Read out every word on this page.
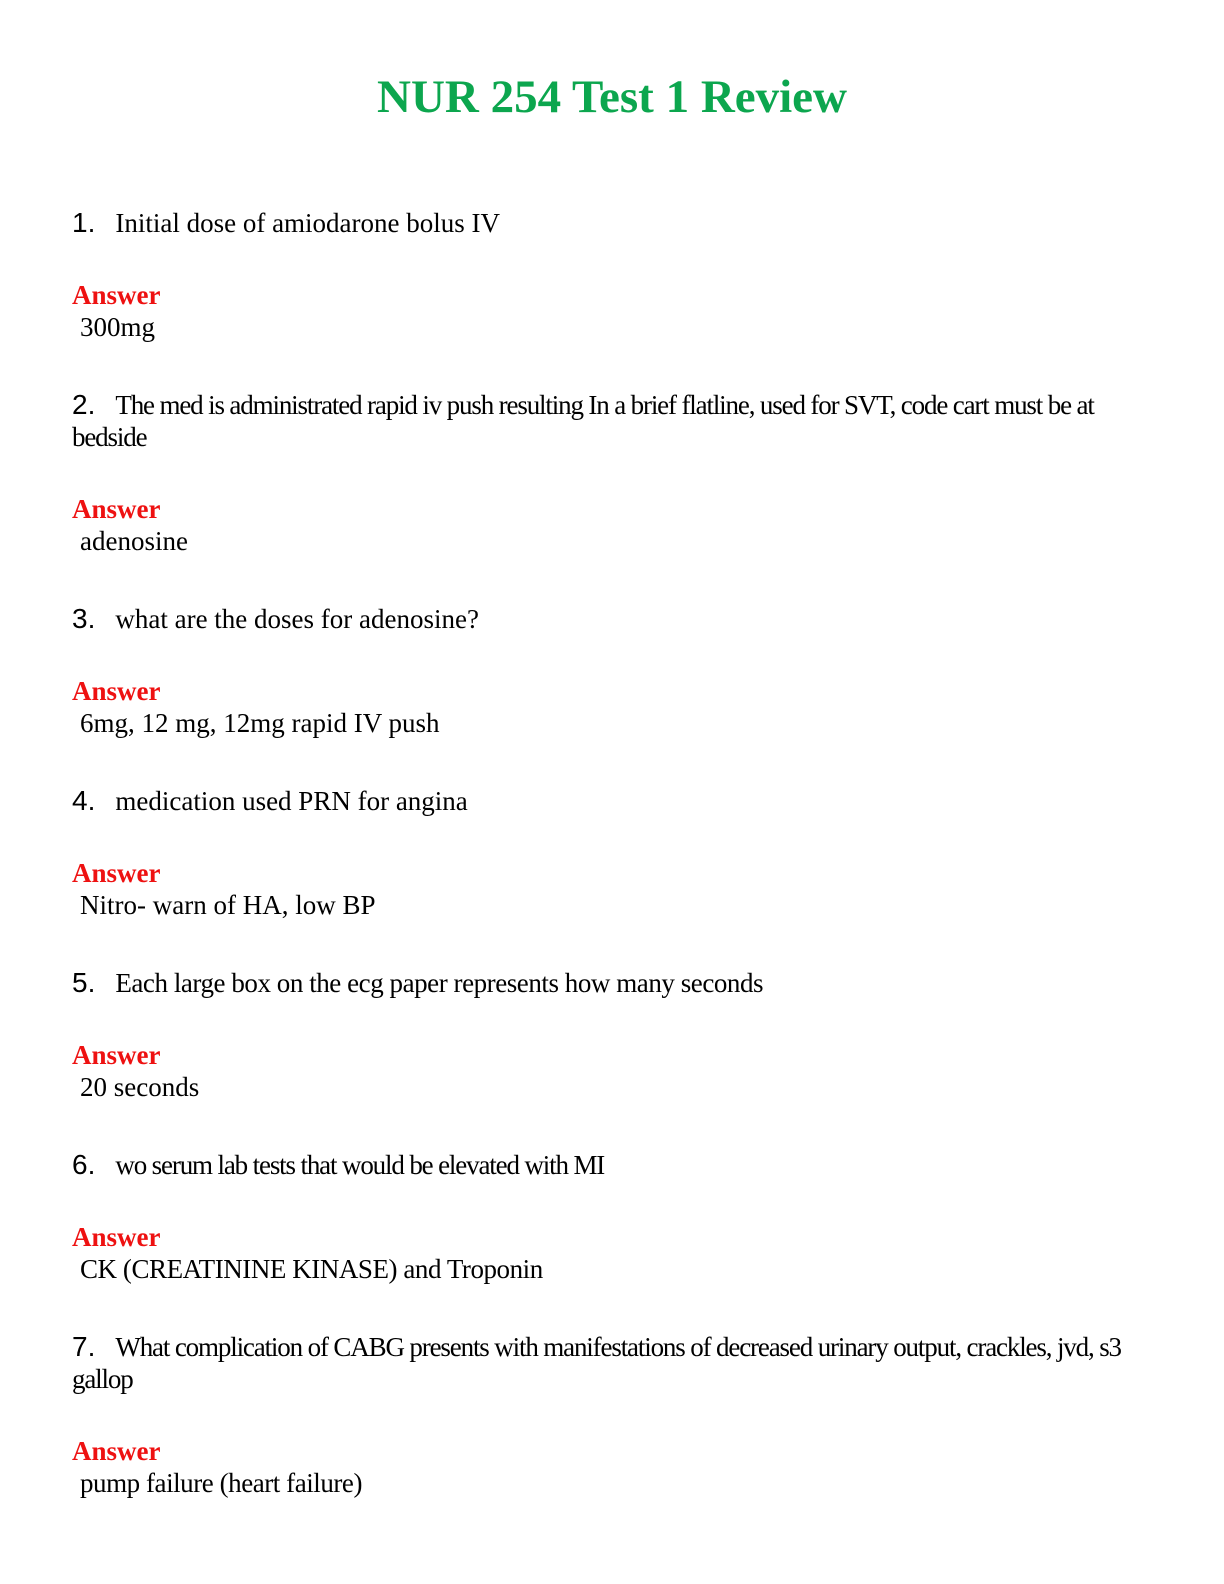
NUR 254 Test 1 Review

1. Initial dose of amiodarone bolus IV

Answer

300mg

2. The med is administrated rapid iv push resulting In a brief flatline, used for SVT, code cart must be at bedside

Answer

adenosine

3. what are the doses for adenosine?

Answer

6mg, 12 mg, 12mg rapid IV push

4. medication used PRN for angina

Answer

Nitro- warn of HA, low BP

5. Each large box on the ecg paper represents how many seconds

Answer

20 seconds

6. wo serum lab tests that would be elevated with MI

Answer

CK (CREATININE KINASE) and Troponin

7. What complication of CABG presents with manifestations of decreased urinary output, crackles, jvd, s3 gallop

Answer

pump failure (heart failure)
